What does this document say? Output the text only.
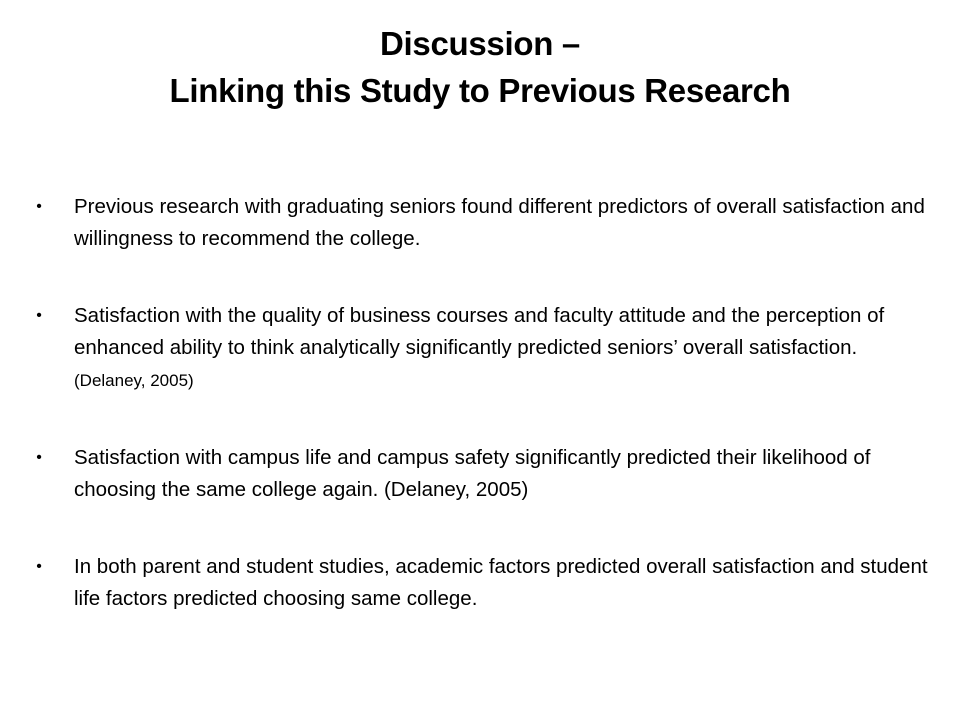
Discussion –
Linking this Study to Previous Research
• Previous research with graduating seniors found different predictors of overall satisfaction and willingness to recommend the college.
• Satisfaction with the quality of business courses and faculty attitude and the perception of enhanced ability to think analytically significantly predicted seniors’ overall satisfaction. (Delaney, 2005)
• Satisfaction with campus life and campus safety significantly predicted their likelihood of choosing the same college again. (Delaney, 2005)
• In both parent and student studies, academic factors predicted overall satisfaction and student life factors predicted choosing same college.
